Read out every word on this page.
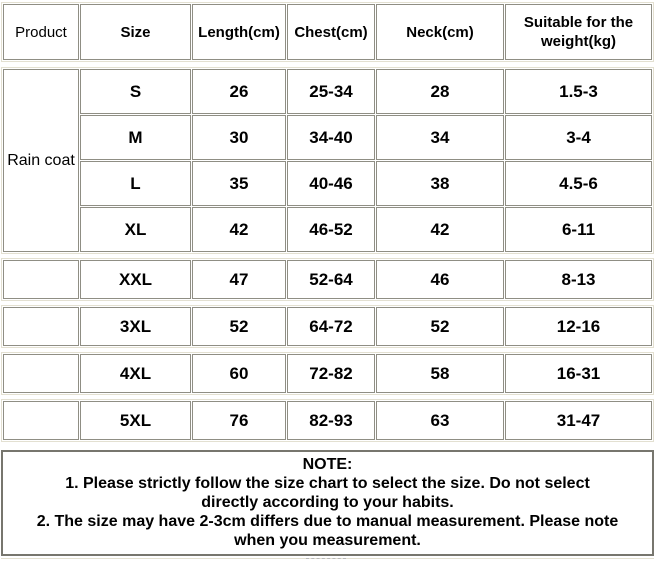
Product	Size	Length(cm)	Chest(cm)	Neck(cm)	Suitable for the weight(kg)
Rain coat	S	26	25-34	28	1.5-3
	M	30	34-40	34	3-4
	L	35	40-46	38	4.5-6
	XL	42	46-52	42	6-11
	XXL	47	52-64	46	8-13
	3XL	52	64-72	52	12-16
	4XL	60	72-82	58	16-31
	5XL	76	82-93	63	31-47
NOTE:
1. Please strictly follow the size chart to select the size. Do not select
directly according to your habits.
2. The size may have 2-3cm differs due to manual measurement. Please note
when you measurement.
